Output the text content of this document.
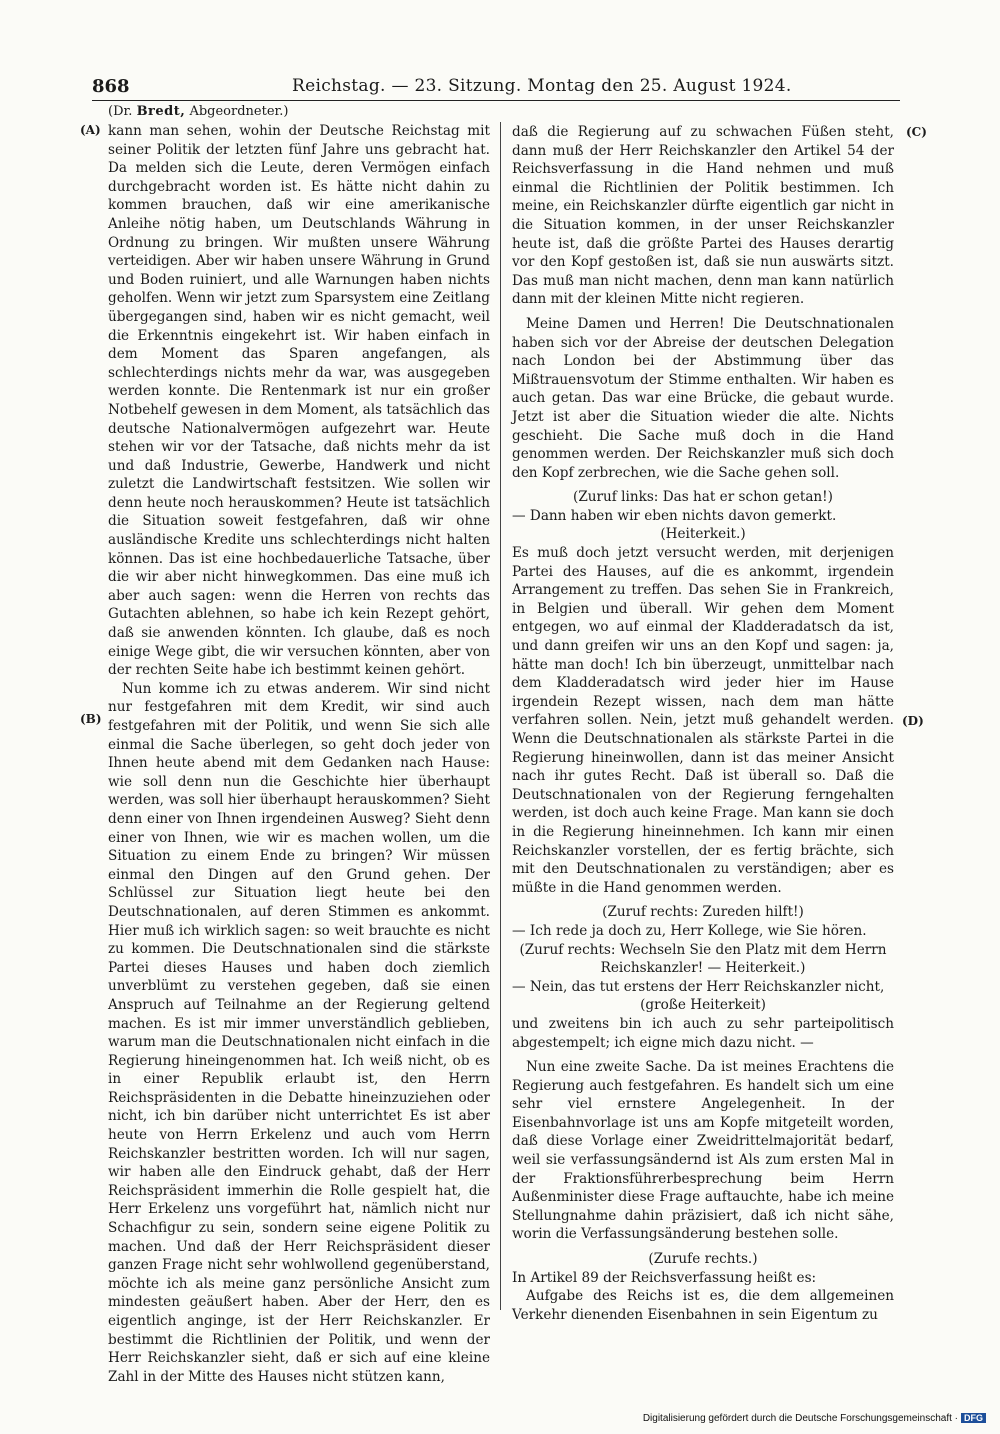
868	Reichstag. — 23. Sitzung. Montag den 25. August 1924.
(Dr. Bredt, Abgeordneter.)
(A)
(B)
(C)
(D)

kann man sehen, wohin der Deutsche Reichstag mit seiner Politik der letzten fünf Jahre uns gebracht hat. Da melden sich die Leute, deren Vermögen einfach durchgebracht worden ist. Es hätte nicht dahin zu kommen brauchen, daß wir eine amerikanische Anleihe nötig haben, um Deutschlands Währung in Ordnung zu bringen. Wir mußten unsere Währung verteidigen. Aber wir haben unsere Währung in Grund und Boden ruiniert, und alle Warnungen haben nichts geholfen. Wenn wir jetzt zum Sparsystem eine Zeitlang übergegangen sind, haben wir es nicht gemacht, weil die Erkenntnis eingekehrt ist. Wir haben einfach in dem Moment das Sparen angefangen, als schlechterdings nichts mehr da war, was ausgegeben werden konnte. Die Rentenmark ist nur ein großer Notbehelf gewesen in dem Moment, als tatsächlich das deutsche Nationalvermögen aufgezehrt war. Heute stehen wir vor der Tatsache, daß nichts mehr da ist und daß Industrie, Gewerbe, Handwerk und nicht zuletzt die Landwirtschaft festsitzen. Wie sollen wir denn heute noch herauskommen? Heute ist tatsächlich die Situation soweit festgefahren, daß wir ohne ausländische Kredite uns schlechterdings nicht halten können. Das ist eine hochbedauerliche Tatsache, über die wir aber nicht hinwegkommen. Das eine muß ich aber auch sagen: wenn die Herren von rechts das Gutachten ablehnen, so habe ich kein Rezept gehört, daß sie anwenden könnten. Ich glaube, daß es noch einige Wege gibt, die wir versuchen könnten, aber von der rechten Seite habe ich bestimmt keinen gehört.

Nun komme ich zu etwas anderem. Wir sind nicht nur festgefahren mit dem Kredit, wir sind auch festgefahren mit der Politik, und wenn Sie sich alle einmal die Sache überlegen, so geht doch jeder von Ihnen heute abend mit dem Gedanken nach Hause: wie soll denn nun die Geschichte hier überhaupt werden, was soll hier überhaupt herauskommen? Sieht denn einer von Ihnen irgendeinen Ausweg? Sieht denn einer von Ihnen, wie wir es machen wollen, um die Situation zu einem Ende zu bringen? Wir müssen einmal den Dingen auf den Grund gehen. Der Schlüssel zur Situation liegt heute bei den Deutschnationalen, auf deren Stimmen es ankommt. Hier muß ich wirklich sagen: so weit brauchte es nicht zu kommen. Die Deutschnationalen sind die stärkste Partei dieses Hauses und haben doch ziemlich unverblümt zu verstehen gegeben, daß sie einen Anspruch auf Teilnahme an der Regierung geltend machen. Es ist mir immer unverständlich geblieben, warum man die Deutschnationalen nicht einfach in die Regierung hineingenommen hat. Ich weiß nicht, ob es in einer Republik erlaubt ist, den Herrn Reichspräsidenten in die Debatte hineinzuziehen oder nicht, ich bin darüber nicht unterrichtet Es ist aber heute von Herrn Erkelenz und auch vom Herrn Reichskanzler bestritten worden. Ich will nur sagen, wir haben alle den Eindruck gehabt, daß der Herr Reichspräsident immerhin die Rolle gespielt hat, die Herr Erkelenz uns vorgeführt hat, nämlich nicht nur Schachfigur zu sein, sondern seine eigene Politik zu machen. Und daß der Herr Reichspräsident dieser ganzen Frage nicht sehr wohlwollend gegenüberstand, möchte ich als meine ganz persönliche Ansicht zum mindesten geäußert haben. Aber der Herr, den es eigentlich anginge, ist der Herr Reichskanzler. Er bestimmt die Richtlinien der Politik, und wenn der Herr Reichskanzler sieht, daß er sich auf eine kleine Zahl in der Mitte des Hauses nicht stützen kann,

daß die Regierung auf zu schwachen Füßen steht, dann muß der Herr Reichskanzler den Artikel 54 der Reichsverfassung in die Hand nehmen und muß einmal die Richtlinien der Politik bestimmen. Ich meine, ein Reichskanzler dürfte eigentlich gar nicht in die Situation kommen, in der unser Reichskanzler heute ist, daß die größte Partei des Hauses derartig vor den Kopf gestoßen ist, daß sie nun auswärts sitzt. Das muß man nicht machen, denn man kann natürlich dann mit der kleinen Mitte nicht regieren.

Meine Damen und Herren! Die Deutschnationalen haben sich vor der Abreise der deutschen Delegation nach London bei der Abstimmung über das Mißtrauensvotum der Stimme enthalten. Wir haben es auch getan. Das war eine Brücke, die gebaut wurde. Jetzt ist aber die Situation wieder die alte. Nichts geschieht. Die Sache muß doch in die Hand genommen werden. Der Reichskanzler muß sich doch den Kopf zerbrechen, wie die Sache gehen soll.

(Zuruf links: Das hat er schon getan!)

— Dann haben wir eben nichts davon gemerkt.

(Heiterkeit.)

Es muß doch jetzt versucht werden, mit derjenigen Partei des Hauses, auf die es ankommt, irgendein Arrangement zu treffen. Das sehen Sie in Frankreich, in Belgien und überall. Wir gehen dem Moment entgegen, wo auf einmal der Kladderadatsch da ist, und dann greifen wir uns an den Kopf und sagen: ja, hätte man doch! Ich bin überzeugt, unmittelbar nach dem Kladderadatsch wird jeder hier im Hause irgendein Rezept wissen, nach dem man hätte verfahren sollen. Nein, jetzt muß gehandelt werden. Wenn die Deutschnationalen als stärkste Partei in die Regierung hineinwollen, dann ist das meiner Ansicht nach ihr gutes Recht. Daß ist überall so. Daß die Deutschnationalen von der Regierung ferngehalten werden, ist doch auch keine Frage. Man kann sie doch in die Regierung hineinnehmen. Ich kann mir einen Reichskanzler vorstellen, der es fertig brächte, sich mit den Deutschnationalen zu verständigen; aber es müßte in die Hand genommen werden.

(Zuruf rechts: Zureden hilft!)

— Ich rede ja doch zu, Herr Kollege, wie Sie hören.

(Zuruf rechts: Wechseln Sie den Platz mit dem Herrn Reichskanzler! — Heiterkeit.)

— Nein, das tut erstens der Herr Reichskanzler nicht,

(große Heiterkeit)

und zweitens bin ich auch zu sehr parteipolitisch abgestempelt; ich eigne mich dazu nicht. —

Nun eine zweite Sache. Da ist meines Erachtens die Regierung auch festgefahren. Es handelt sich um eine sehr viel ernstere Angelegenheit. In der Eisenbahnvorlage ist uns am Kopfe mitgeteilt worden, daß diese Vorlage einer Zweidrittelmajorität bedarf, weil sie verfassungsändernd ist Als zum ersten Mal in der Fraktionsführerbesprechung beim Herrn Außenminister diese Frage auftauchte, habe ich meine Stellungnahme dahin präzisiert, daß ich nicht sähe, worin die Verfassungsänderung bestehen solle.

(Zurufe rechts.)

In Artikel 89 der Reichsverfassung heißt es:

Aufgabe des Reichs ist es, die dem allgemeinen Verkehr dienenden Eisenbahnen in sein Eigentum zu

Digitalisierung gefördert durch die Deutsche Forschungsgemeinschaft · DFG
